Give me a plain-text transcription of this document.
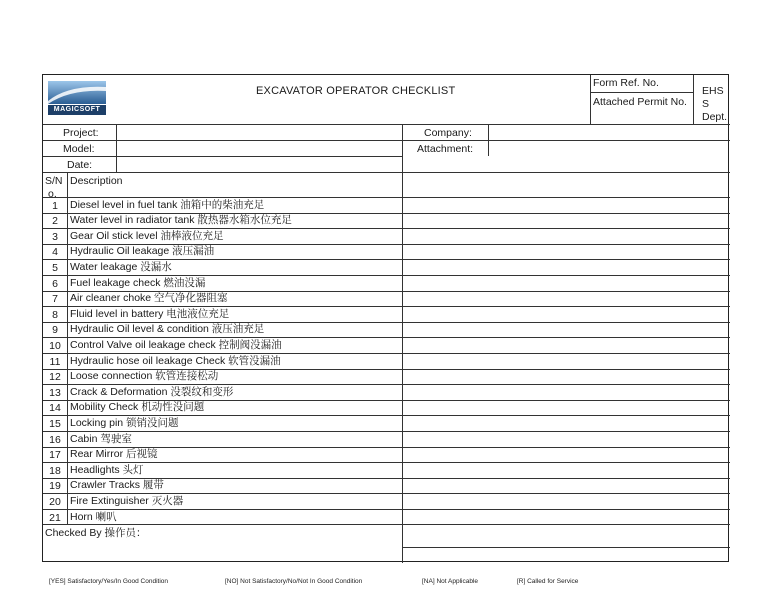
MAGICSOFT
EXCAVATOR OPERATOR CHECKLIST
Form Ref. No.
Attached Permit No.
EHS
S
Dept.
Project:
Model:
Date:
Company:
Attachment:
S/N
o.
Description
1	Diesel level in fuel tank 油箱中的柴油充足
2	Water level in radiator tank 散热器水箱水位充足
3	Gear Oil stick level 油棒液位充足
4	Hydraulic Oil leakage 液压漏油
5	Water leakage 没漏水
6	Fuel leakage check 燃油没漏
7	Air cleaner choke 空气净化器阻塞
8	Fluid level in battery 电池液位充足
9	Hydraulic Oil level & condition 液压油充足
10 Control Valve oil leakage check 控制阀没漏油
11 Hydraulic hose oil leakage Check 软管没漏油
12 Loose connection 软管连接松动
13 Crack & Deformation 没裂纹和变形
14 Mobility Check 机动性没问题
15 Locking pin 锁销没问题
16 Cabin 驾驶室
17 Rear Mirror 后视镜
18 Headlights 头灯
19 Crawler Tracks 履带
20 Fire Extinguisher 灭火器
21 Horn 喇叭
Checked By 操作员：
[YES] Satisfactory/Yes/In Good Condition	[NO] Not Satisfactory/No/Not In Good Condition	[NA] Not Applicable	[R] Called for Service
